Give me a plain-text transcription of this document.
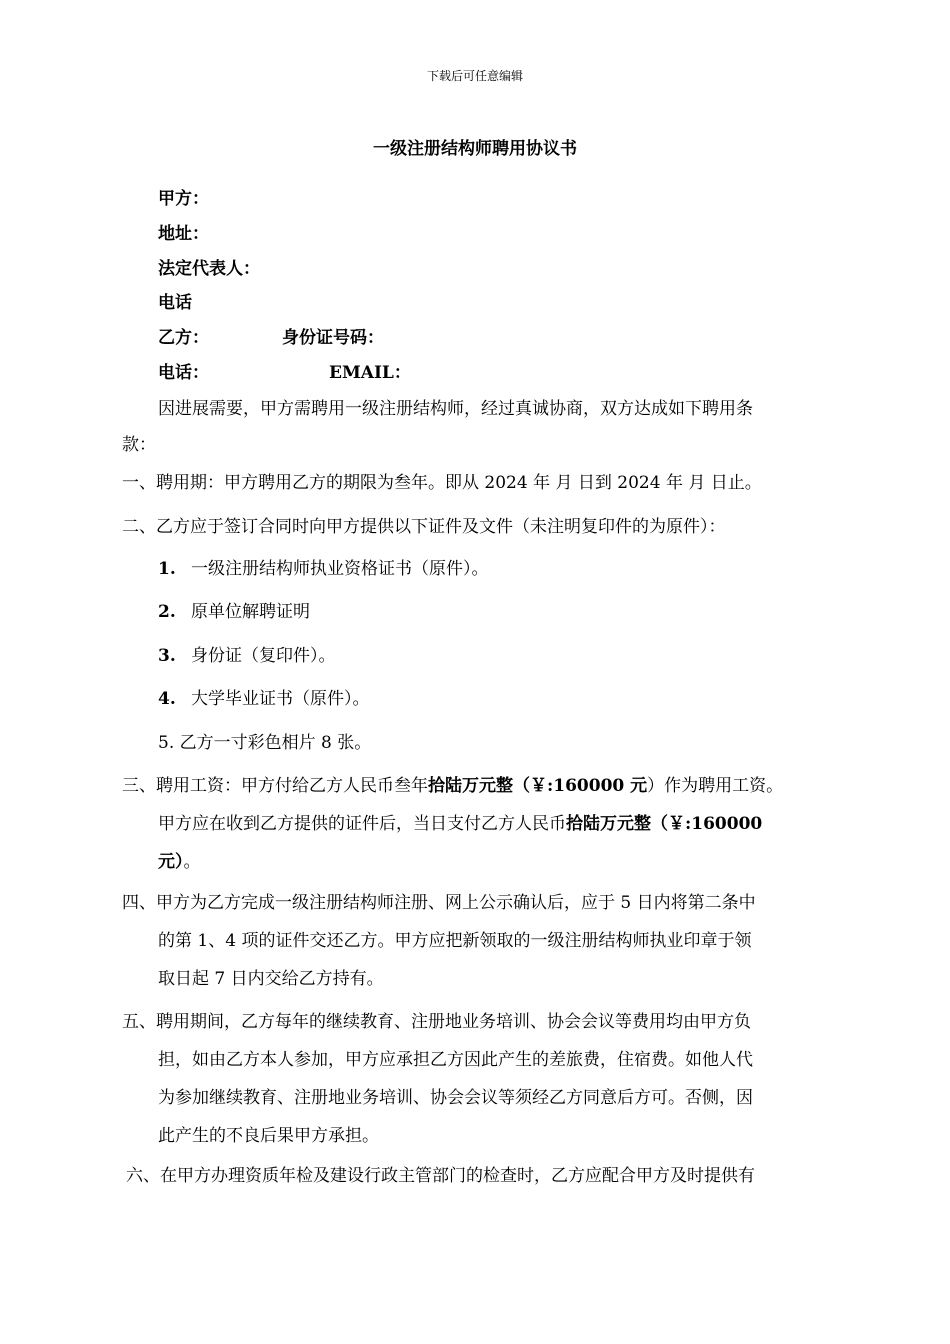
下载后可任意编辑
一级注册结构师聘用协议书
甲方：
地址：
法定代表人：
电话
乙方：	身份证号码：
电话：	EMAIL：
因进展需要，甲方需聘用一级注册结构师，经过真诚协商，双方达成如下聘用条
款：
一、聘用期：甲方聘用乙方的期限为叁年。即从 2024 年 月 日到 2024 年 月 日止。
二、乙方应于签订合同时向甲方提供以下证件及文件（未注明复印件的为原件）：
1. 一级注册结构师执业资格证书（原件）。
2. 原单位解聘证明
3. 身份证（复印件）。
4. 大学毕业证书（原件）。
5. 乙方一寸彩色相片 8 张。
三、聘用工资：甲方付给乙方人民币叁年拾陆万元整（￥:160000 元）作为聘用工资。
甲方应在收到乙方提供的证件后，当日支付乙方人民币拾陆万元整（￥:160000
元）。
四、甲方为乙方完成一级注册结构师注册、网上公示确认后，应于 5 日内将第二条中
的第 1、4 项的证件交还乙方。甲方应把新领取的一级注册结构师执业印章于领
取日起 7 日内交给乙方持有。
五、聘用期间，乙方每年的继续教育、注册地业务培训、协会会议等费用均由甲方负
担，如由乙方本人参加，甲方应承担乙方因此产生的差旅费，住宿费。如他人代
为参加继续教育、注册地业务培训、协会会议等须经乙方同意后方可。否侧，因
此产生的不良后果甲方承担。
六、在甲方办理资质年检及建设行政主管部门的检查时，乙方应配合甲方及时提供有
